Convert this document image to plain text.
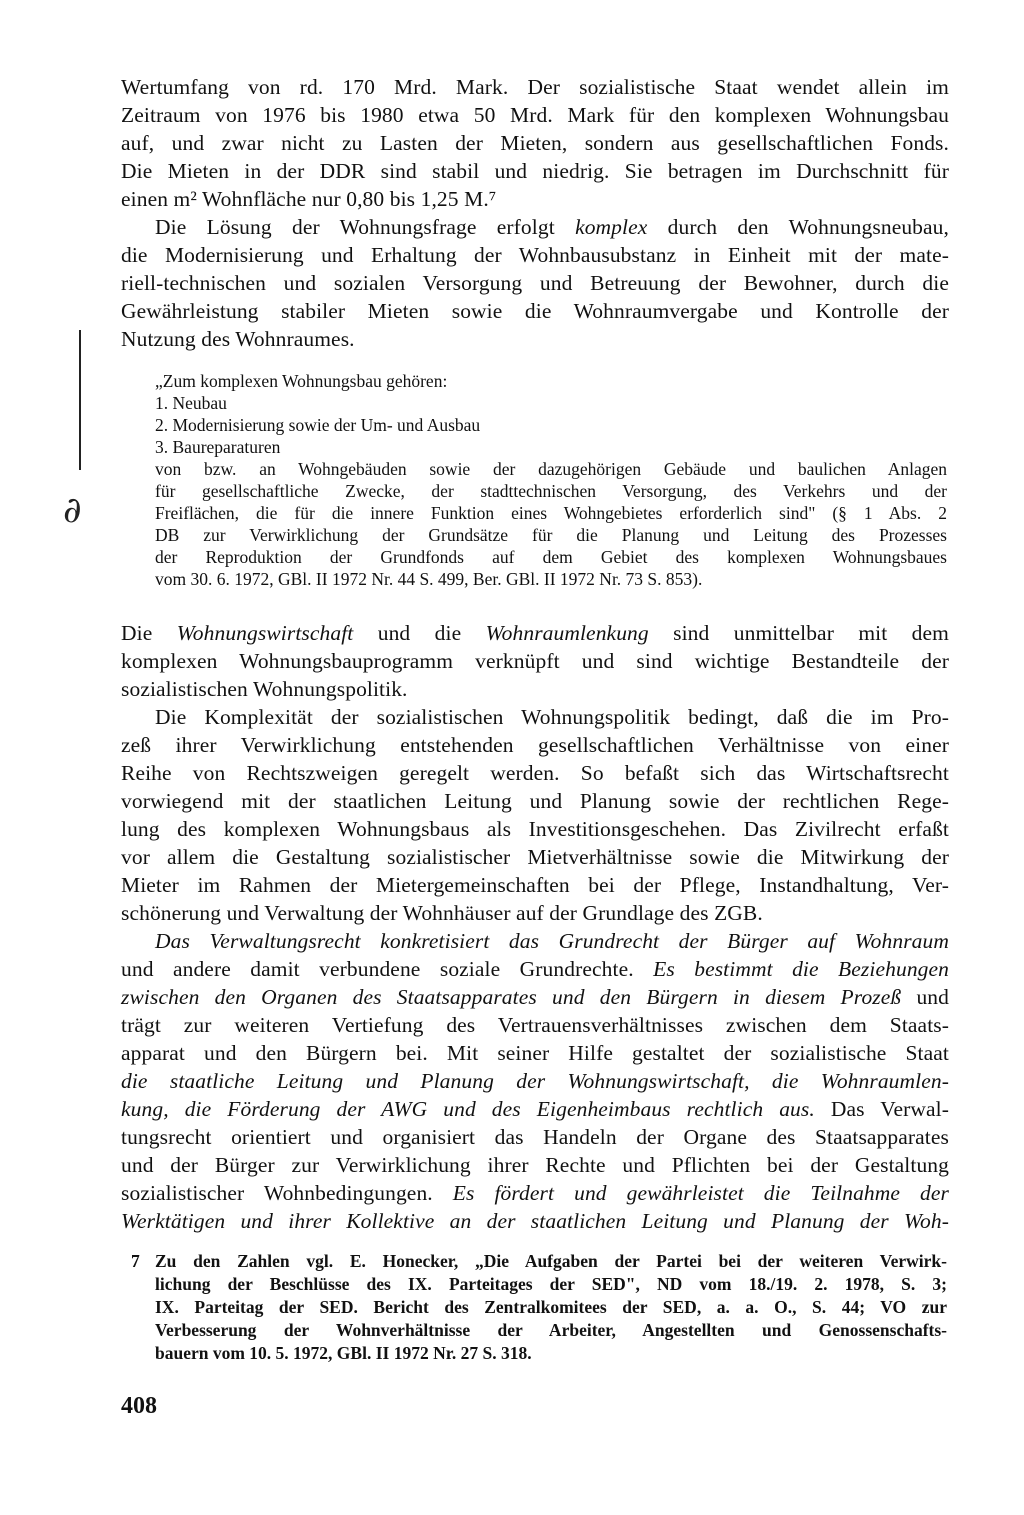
Wertumfang von rd. 170 Mrd. Mark. Der sozialistische Staat wendet allein im
Zeitraum von 1976 bis 1980 etwa 50 Mrd. Mark für den komplexen Wohnungsbau
auf, und zwar nicht zu Lasten der Mieten, sondern aus gesellschaftlichen Fonds.
Die Mieten in der DDR sind stabil und niedrig. Sie betragen im Durchschnitt für
einen m² Wohnfläche nur 0,80 bis 1,25 M.⁷
Die Lösung der Wohnungsfrage erfolgt komplex durch den Wohnungsneubau,
die Modernisierung und Erhaltung der Wohnbausubstanz in Einheit mit der mate-
riell-technischen und sozialen Versorgung und Betreuung der Bewohner, durch die
Gewährleistung stabiler Mieten sowie die Wohnraumvergabe und Kontrolle der
Nutzung des Wohnraumes.
∂
„Zum komplexen Wohnungsbau gehören:
1. Neubau
2. Modernisierung sowie der Um- und Ausbau
3. Baureparaturen
von bzw. an Wohngebäuden sowie der dazugehörigen Gebäude und baulichen Anlagen
für gesellschaftliche Zwecke, der stadttechnischen Versorgung, des Verkehrs und der
Freiflächen, die für die innere Funktion eines Wohngebietes erforderlich sind" (§ 1 Abs. 2
DB zur Verwirklichung der Grundsätze für die Planung und Leitung des Prozesses
der Reproduktion der Grundfonds auf dem Gebiet des komplexen Wohnungsbaues
vom 30. 6. 1972, GBl. II 1972 Nr. 44 S. 499, Ber. GBl. II 1972 Nr. 73 S. 853).
Die Wohnungswirtschaft und die Wohnraumlenkung sind unmittelbar mit dem
komplexen Wohnungsbauprogramm verknüpft und sind wichtige Bestandteile der
sozialistischen Wohnungspolitik.
Die Komplexität der sozialistischen Wohnungspolitik bedingt, daß die im Pro-
zeß ihrer Verwirklichung entstehenden gesellschaftlichen Verhältnisse von einer
Reihe von Rechtszweigen geregelt werden. So befaßt sich das Wirtschaftsrecht
vorwiegend mit der staatlichen Leitung und Planung sowie der rechtlichen Rege-
lung des komplexen Wohnungsbaus als Investitionsgeschehen. Das Zivilrecht erfaßt
vor allem die Gestaltung sozialistischer Mietverhältnisse sowie die Mitwirkung der
Mieter im Rahmen der Mietergemeinschaften bei der Pflege, Instandhaltung, Ver-
schönerung und Verwaltung der Wohnhäuser auf der Grundlage des ZGB.
Das Verwaltungsrecht konkretisiert das Grundrecht der Bürger auf Wohnraum
und andere damit verbundene soziale Grundrechte. Es bestimmt die Beziehungen
zwischen den Organen des Staatsapparates und den Bürgern in diesem Prozeß und
trägt zur weiteren Vertiefung des Vertrauensverhältnisses zwischen dem Staats-
apparat und den Bürgern bei. Mit seiner Hilfe gestaltet der sozialistische Staat
die staatliche Leitung und Planung der Wohnungswirtschaft, die Wohnraumlen-
kung, die Förderung der AWG und des Eigenheimbaus rechtlich aus. Das Verwal-
tungsrecht orientiert und organisiert das Handeln der Organe des Staatsapparates
und der Bürger zur Verwirklichung ihrer Rechte und Pflichten bei der Gestaltung
sozialistischer Wohnbedingungen. Es fördert und gewährleistet die Teilnahme der
Werktätigen und ihrer Kollektive an der staatlichen Leitung und Planung der Woh-
7 Zu den Zahlen vgl. E. Honecker, „Die Aufgaben der Partei bei der weiteren Verwirk-
lichung der Beschlüsse des IX. Parteitages der SED", ND vom 18./19. 2. 1978, S. 3;
IX. Parteitag der SED. Bericht des Zentralkomitees der SED, a. a. O., S. 44; VO zur
Verbesserung der Wohnverhältnisse der Arbeiter, Angestellten und Genossenschafts-
bauern vom 10. 5. 1972, GBl. II 1972 Nr. 27 S. 318.
408
